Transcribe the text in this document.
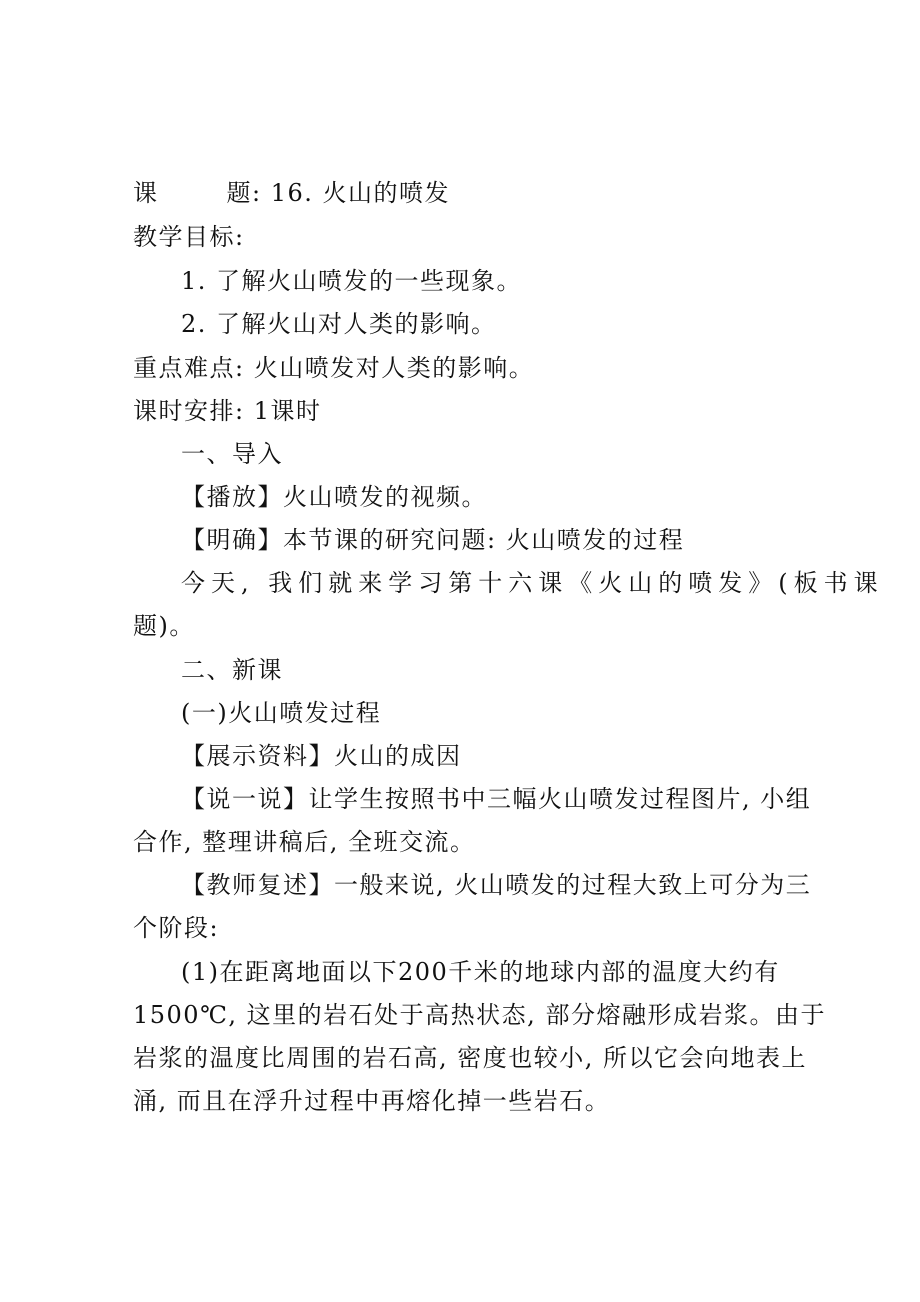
课	题: 16. 火山的喷发
教学目标:
1. 了解火山喷发的一些现象。
2. 了解火山对人类的影响。
重点难点: 火山喷发对人类的影响。
课时安排: 1课时
一、导入
【播放】火山喷发的视频。
【明确】本节课的研究问题: 火山喷发的过程
今天, 我们就来学习第十六课《火山的喷发》(板书课
题)。
二、新课
(一)火山喷发过程
【展示资料】火山的成因
【说一说】让学生按照书中三幅火山喷发过程图片, 小组
合作, 整理讲稿后, 全班交流。
【教师复述】一般来说, 火山喷发的过程大致上可分为三
个阶段:
(1)在距离地面以下200千米的地球内部的温度大约有
1500℃, 这里的岩石处于高热状态, 部分熔融形成岩浆。由于
岩浆的温度比周围的岩石高, 密度也较小, 所以它会向地表上
涌, 而且在浮升过程中再熔化掉一些岩石。
